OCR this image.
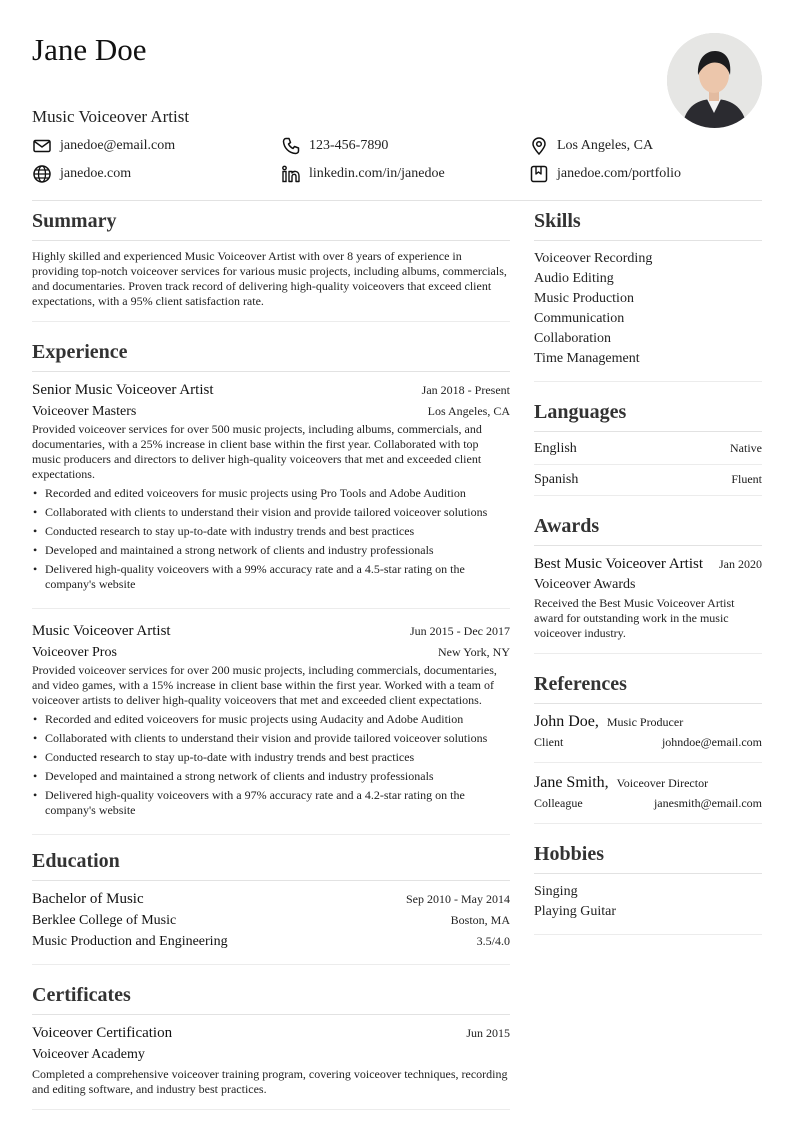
Jane Doe
Music Voiceover Artist
janedoe@email.com	123-456-7890	Los Angeles, CA
janedoe.com	linkedin.com/in/janedoe	janedoe.com/portfolio
Summary

Highly skilled and experienced Music Voiceover Artist with over 8 years of experience in providing top-notch voiceover services for various music projects, including albums, commercials, and documentaries. Proven track record of delivering high-quality voiceovers that exceed client expectations, with a 95% client satisfaction rate.

Experience
Senior Music Voiceover Artist	Jan 2018 - Present
Voiceover Masters	Los Angeles, CA

Provided voiceover services for over 500 music projects, including albums, commercials, and documentaries, with a 25% increase in client base within the first year. Collaborated with top music producers and directors to deliver high-quality voiceovers that met and exceeded client expectations.

• Recorded and edited voiceovers for music projects using Pro Tools and Adobe Audition
• Collaborated with clients to understand their vision and provide tailored voiceover solutions
• Conducted research to stay up-to-date with industry trends and best practices
• Developed and maintained a strong network of clients and industry professionals
• Delivered high-quality voiceovers with a 99% accuracy rate and a 4.5-star rating on the company's website
Music Voiceover Artist	Jun 2015 - Dec 2017
Voiceover Pros	New York, NY

Provided voiceover services for over 200 music projects, including commercials, documentaries, and video games, with a 15% increase in client base within the first year. Worked with a team of voiceover artists to deliver high-quality voiceovers that met and exceeded client expectations.

• Recorded and edited voiceovers for music projects using Audacity and Adobe Audition
• Collaborated with clients to understand their vision and provide tailored voiceover solutions
• Conducted research to stay up-to-date with industry trends and best practices
• Developed and maintained a strong network of clients and industry professionals
• Delivered high-quality voiceovers with a 97% accuracy rate and a 4.2-star rating on the company's website
Education
Bachelor of Music	Sep 2010 - May 2014
Berklee College of Music	Boston, MA
Music Production and Engineering	3.5/4.0
Certificates
Voiceover Certification	Jun 2015
Voiceover Academy

Completed a comprehensive voiceover training program, covering voiceover techniques, recording and editing software, and industry best practices.

Skills
Voiceover Recording
Audio Editing
Music Production
Communication
Collaboration
Time Management
Languages
English	Native
Spanish	Fluent
Awards
Best Music Voiceover Artist Jan 2020
Voiceover Awards

Received the Best Music Voiceover Artist award for outstanding work in the music voiceover industry.

References
John Doe, Music Producer
Client	johndoe@email.com
Jane Smith, Voiceover Director
Colleague	janesmith@email.com
Hobbies
Singing
Playing Guitar
